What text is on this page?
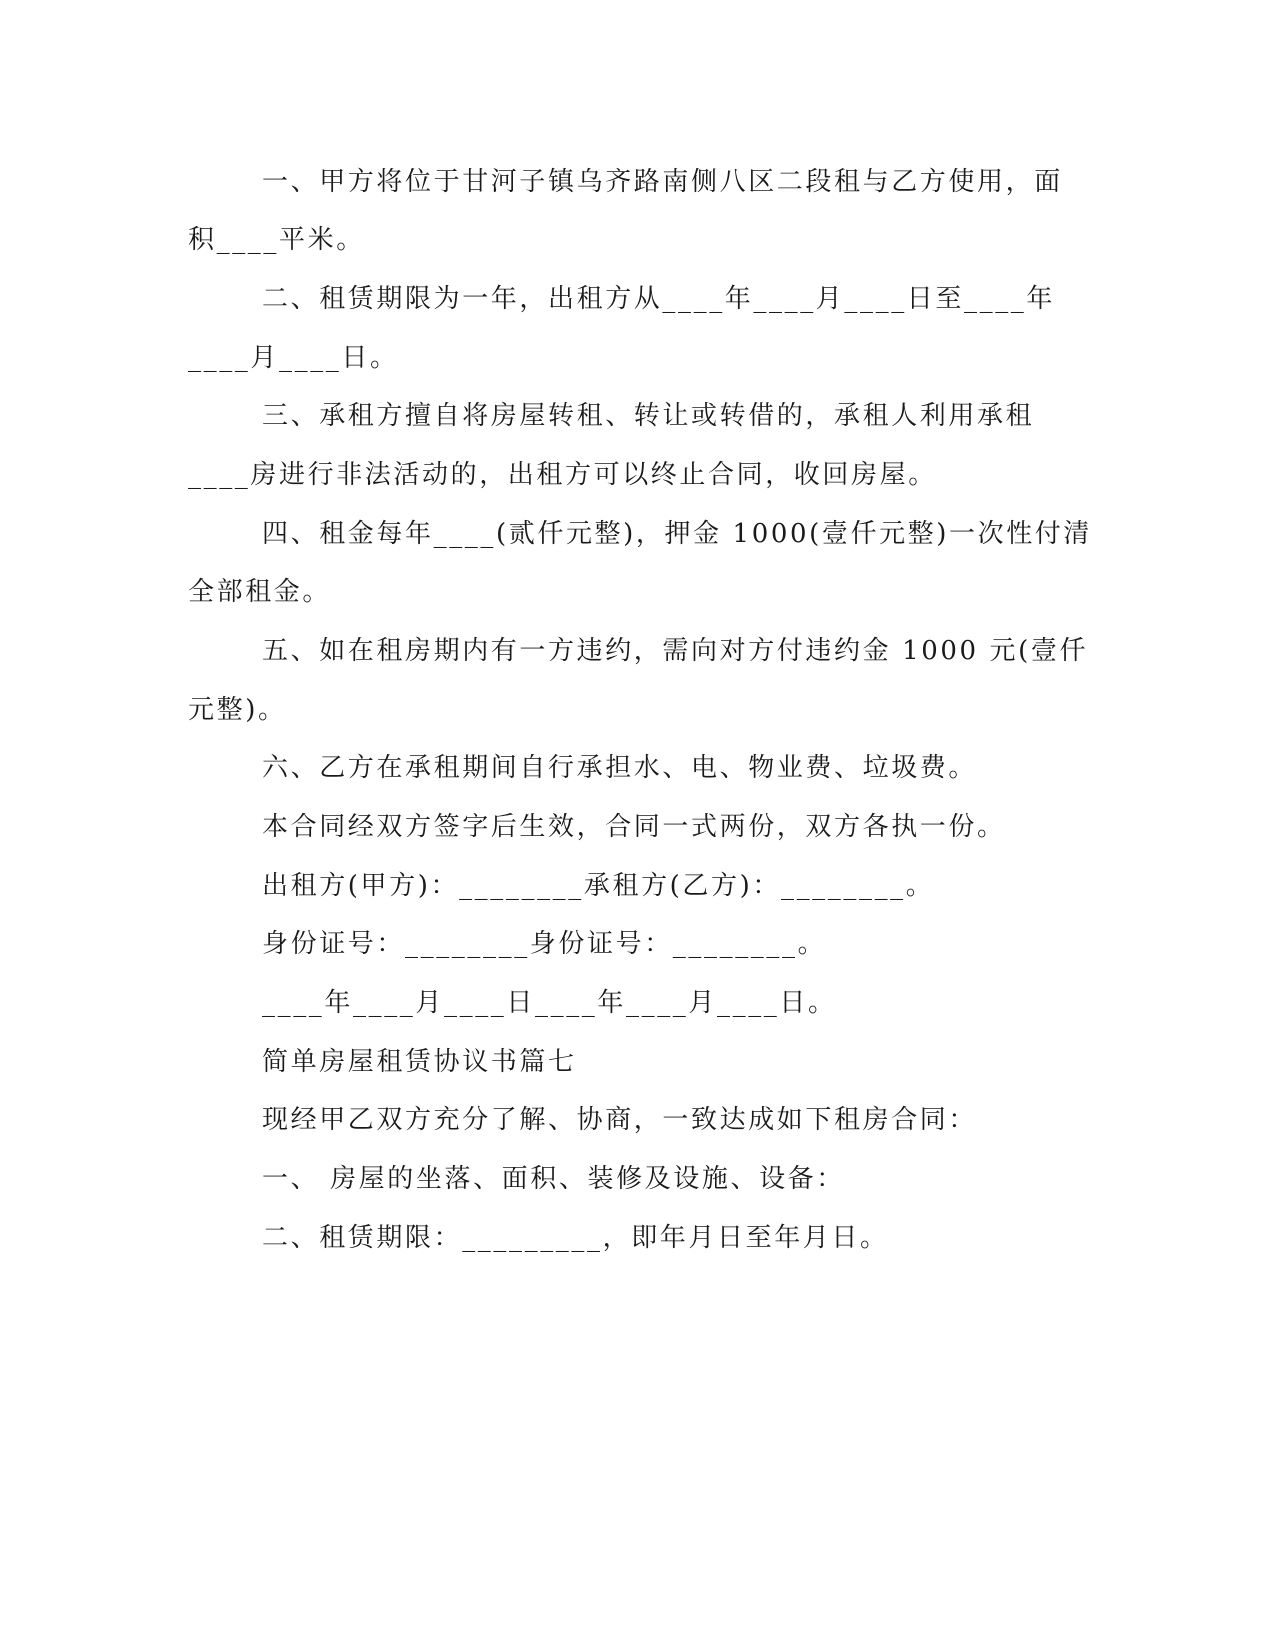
一、甲方将位于甘河子镇乌齐路南侧八区二段租与乙方使用，面
积____平米。
二、租赁期限为一年，出租方从____年____月____日至____年
____月____日。
三、承租方擅自将房屋转租、转让或转借的，承租人利用承租
____房进行非法活动的，出租方可以终止合同，收回房屋。
四、租金每年____(贰仟元整)，押金 1000(壹仟元整)一次性付清
全部租金。
五、如在租房期内有一方违约，需向对方付违约金 1000 元(壹仟
元整)。
六、乙方在承租期间自行承担水、电、物业费、垃圾费。
本合同经双方签字后生效，合同一式两份，双方各执一份。
出租方(甲方)：________承租方(乙方)：________。
身份证号：________身份证号：________。
____年____月____日____年____月____日。
简单房屋租赁协议书篇七
现经甲乙双方充分了解、协商，一致达成如下租房合同：
一、 房屋的坐落、面积、装修及设施、设备：
二、租赁期限：_________，即年月日至年月日。
